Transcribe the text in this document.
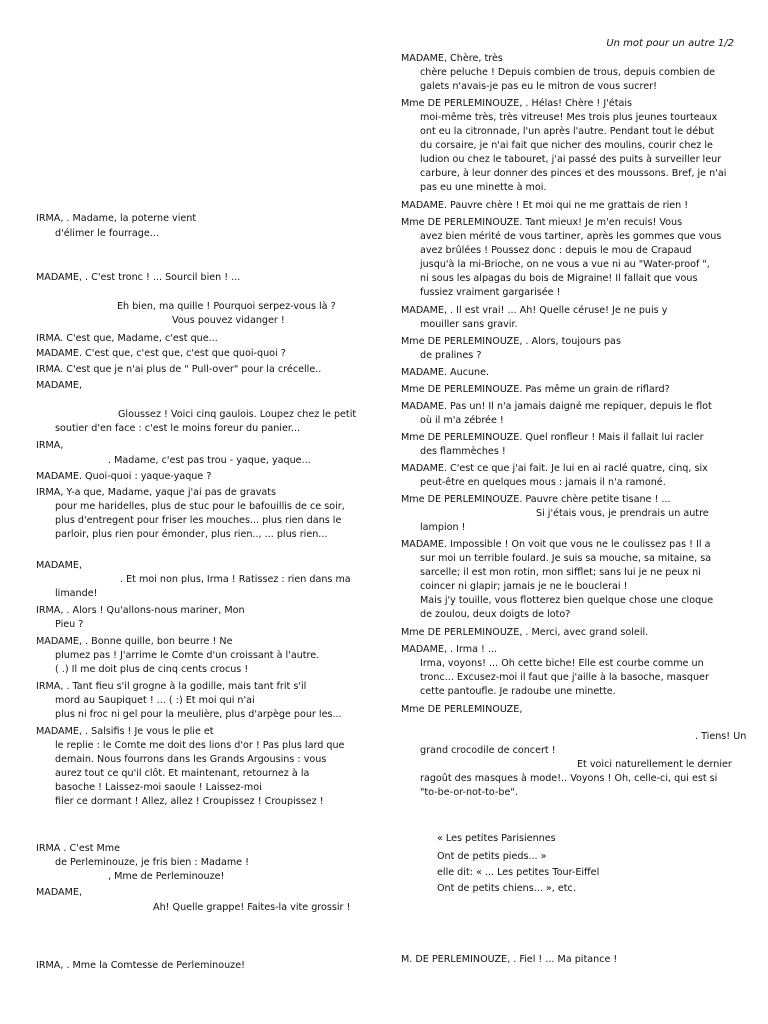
Un mot pour un autre 1/2
IRMA, . Madame, la poterne vient
d'élimer le fourrage...
MADAME, . C'est tronc ! ... Sourcil bien ! ...
Eh bien, ma quille ! Pourquoi serpez-vous là ?
Vous pouvez vidanger !
IRMA. C'est que, Madame, c'est que...
MADAME. C'est que, c'est que, c'est que quoi-quoi ?
IRMA. C'est que je n'ai plus de " Pull-over" pour la crécelle..
MADAME,
Gloussez ! Voici cinq gaulois. Loupez chez le petit
soutier d'en face : c'est le moins foreur du panier...
IRMA,
. Madame, c'est pas trou - yaque, yaque...
MADAME. Quoi-quoi : yaque-yaque ?
IRMA, Y-a que, Madame, yaque j'ai pas de gravats
pour me haridelles, plus de stuc pour le bafouillis de ce soir,
plus d'entregent pour friser les mouches... plus rien dans le
parloir, plus rien pour émonder, plus rien.., ... plus rien...
MADAME,
. Et moi non plus, Irma ! Ratissez : rien dans ma
limande!
IRMA, . Alors ! Qu'allons-nous mariner, Mon
Pieu ?
MADAME, . Bonne quille, bon beurre ! Ne
plumez pas ! J'arrime le Comte d'un croissant à l'autre.
( .) Il me doit plus de cinq cents crocus !
IRMA, . Tant fieu s'il grogne à la godille, mais tant frit s'il
mord au Saupiquet ! ... ( :) Et moi qui n'ai
plus ni froc ni gel pour la meulière, plus d'arpège pour les...
MADAME, . Salsifis ! Je vous le plie et
le replie : le Comte me doit des lions d'or ! Pas plus lard que
demain. Nous fourrons dans les Grands Argousins : vous
aurez tout ce qu'il clôt. Et maintenant, retournez à la
basoche ! Laissez-moi saoule ! Laissez-moi
filer ce dormant ! Allez, allez ! Croupissez ! Croupissez !
IRMA . C'est Mme
de Perleminouze, je fris bien : Madame !
, Mme de Perleminouze!
MADAME,
Ah! Quelle grappe! Faites-la vite grossir !
IRMA, . Mme la Comtesse de Perleminouze!
MADAME, Chère, très
chère peluche ! Depuis combien de trous, depuis combien de
galets n'avais-je pas eu le mitron de vous sucrer!
Mme DE PERLEMINOUZE, . Hélas! Chère ! J'étais
moi-même très, très vitreuse! Mes trois plus jeunes tourteaux
ont eu la citronnade, l'un après l'autre. Pendant tout le début
du corsaire, je n'ai fait que nicher des moulins, courir chez le
ludion ou chez le tabouret, j'ai passé des puits à surveiller leur
carbure, à leur donner des pinces et des moussons. Bref, je n'ai
pas eu une minette à moi.
MADAME. Pauvre chère ! Et moi qui ne me grattais de rien !
Mme DE PERLEMINOUZE. Tant mieux! Je m'en recuis! Vous
avez bien mérité de vous tartiner, après les gommes que vous
avez brûlées ! Poussez donc : depuis le mou de Crapaud
jusqu'à la mi-Brioche, on ne vous a vue ni au "Water-proof ",
ni sous les alpagas du bois de Migraine! Il fallait que vous
fussiez vraiment gargarisée !
MADAME, . Il est vrai! ... Ah! Quelle céruse! Je ne puis y
mouiller sans gravir.
Mme DE PERLEMINOUZE, . Alors, toujours pas
de pralines ?
MADAME. Aucune.
Mme DE PERLEMINOUZE. Pas même un grain de riflard?
MADAME. Pas un! Il n'a jamais daigné me repiquer, depuis le flot
où il m'a zébrée !
Mme DE PERLEMINOUZE. Quel ronfleur ! Mais il fallait lui racler
des flammèches !
MADAME. C'est ce que j'ai fait. Je lui en ai raclé quatre, cinq, six
peut-être en quelques mous : jamais il n'a ramoné.
Mme DE PERLEMINOUZE. Pauvre chère petite tisane ! ...
Si j'étais vous, je prendrais un autre
lampion !
MADAME. Impossible ! On voit que vous ne le coulissez pas ! Il a
sur moi un terrible foulard. Je suis sa mouche, sa mitaine, sa
sarcelle; il est mon rotin, mon sifflet; sans lui je ne peux ni
coincer ni glapir; jamais je ne le bouclerai !
Mais j'y touille, vous flotterez bien quelque chose une cloque
de zoulou, deux doigts de loto?
Mme DE PERLEMINOUZE, . Merci, avec grand soleil.
MADAME, . Irma ! ...
Irma, voyons! ... Oh cette biche! Elle est courbe comme un
tronc... Excusez-moi il faut que j'aille à la basoche, masquer
cette pantoufle. Je radoube une minette.
Mme DE PERLEMINOUZE,
. Tiens! Un
grand crocodile de concert !
Et voici naturellement le dernier
ragoût des masques à mode!.. Voyons ! Oh, celle-ci, qui est si
"to-be-or-not-to-be".
« Les petites Parisiennes
Ont de petits pieds... »
elle dit: « ... Les petites Tour-Eiffel
Ont de petits chiens... », etc.
M. DE PERLEMINOUZE, . Fiel ! ... Ma pitance !
